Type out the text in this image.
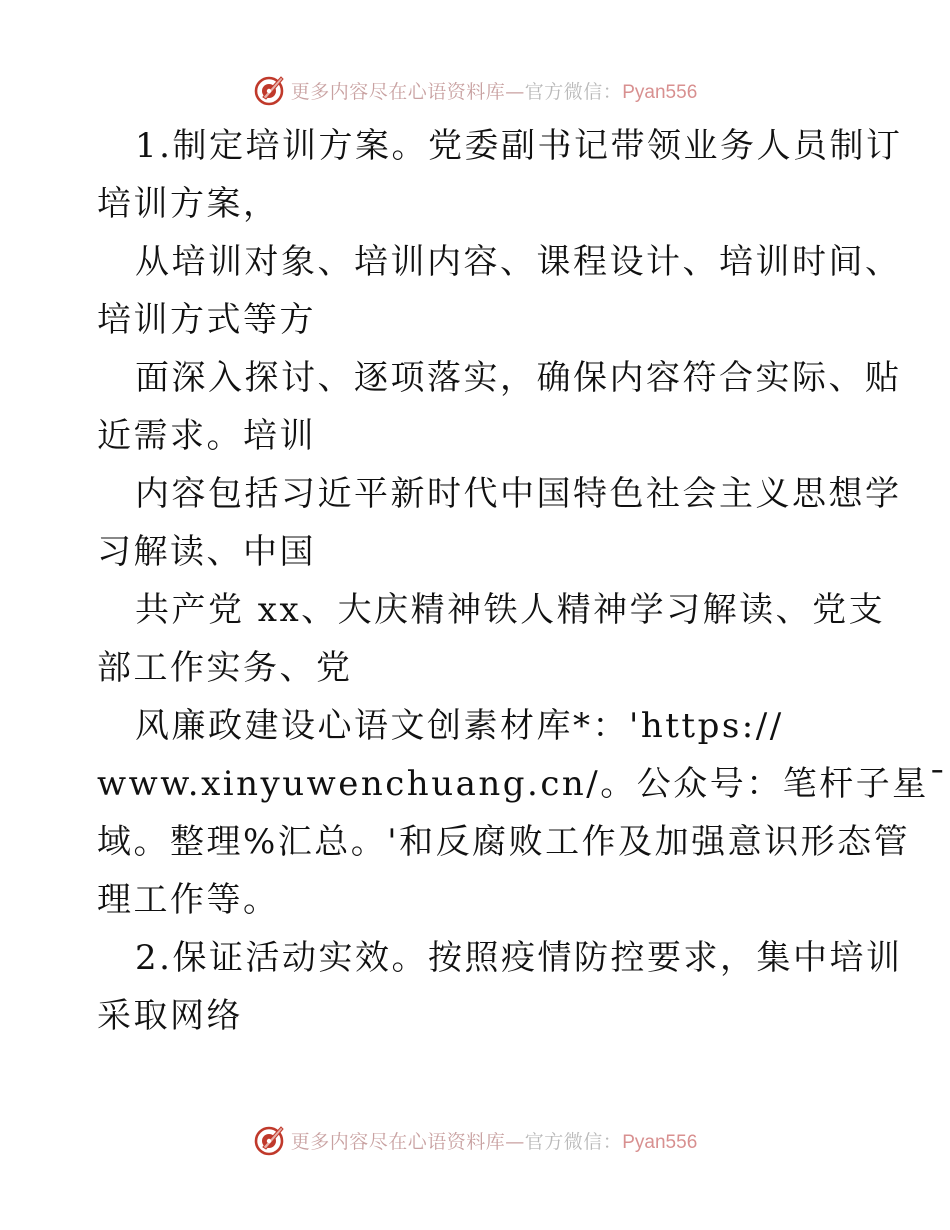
更多内容尽在心语资料库—官方微信：Pyan556
1.制定培训方案。党委副书记带领业务人员制订
培训方案，
从培训对象、培训内容、课程设计、培训时间、
培训方式等方
面深入探讨、逐项落实，确保内容符合实际、贴
近需求。培训
内容包括习近平新时代中国特色社会主义思想学
习解读、中国
共产党 xx、大庆精神铁人精神学习解读、党支
部工作实务、党
风廉政建设心语文创素材库*：'https://
www.xinyuwenchuang.cn/。公众号：笔杆子星¯
域。整理%汇总。'和反腐败工作及加强意识形态管
理工作等。
2.保证活动实效。按照疫情防控要求，集中培训
采取网络
更多内容尽在心语资料库—官方微信：Pyan556
